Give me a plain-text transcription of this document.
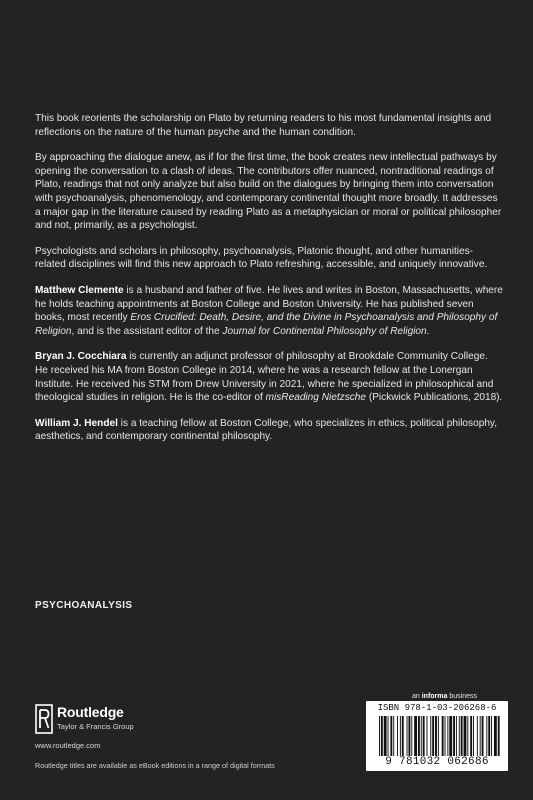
This book reorients the scholarship on Plato by returning readers to his most fundamental insights and reflections on the nature of the human psyche and the human condition.

By approaching the dialogue anew, as if for the first time, the book creates new intellectual pathways by opening the conversation to a clash of ideas. The contributors offer nuanced, nontraditional readings of Plato, readings that not only analyze but also build on the dialogues by bringing them into conversation with psychoanalysis, phenomenology, and contemporary continental thought more broadly. It addresses a major gap in the literature caused by reading Plato as a metaphysician or moral or political philosopher and not, primarily, as a psychologist.

Psychologists and scholars in philosophy, psychoanalysis, Platonic thought, and other humanities-related disciplines will find this new approach to Plato refreshing, accessible, and uniquely innovative.

Matthew Clemente is a husband and father of five. He lives and writes in Boston, Massachusetts, where he holds teaching appointments at Boston College and Boston University. He has published seven books, most recently Eros Crucified: Death, Desire, and the Divine in Psychoanalysis and Philosophy of Religion, and is the assistant editor of the Journal for Continental Philosophy of Religion.

Bryan J. Cocchiara is currently an adjunct professor of philosophy at Brookdale Community College. He received his MA from Boston College in 2014, where he was a research fellow at the Lonergan Institute. He received his STM from Drew University in 2021, where he specialized in philosophical and theological studies in religion. He is the co-editor of misReading Nietzsche (Pickwick Publications, 2018).

William J. Hendel is a teaching fellow at Boston College, who specializes in ethics, political philosophy, aesthetics, and contemporary continental philosophy.

PSYCHOANALYSIS
Routledge
Taylor & Francis Group
www.routledge.com
Routledge titles are available as eBook editions in a range of digital formats
an informa business
ISBN 978-1-03-206268-6
9 781032 062686
